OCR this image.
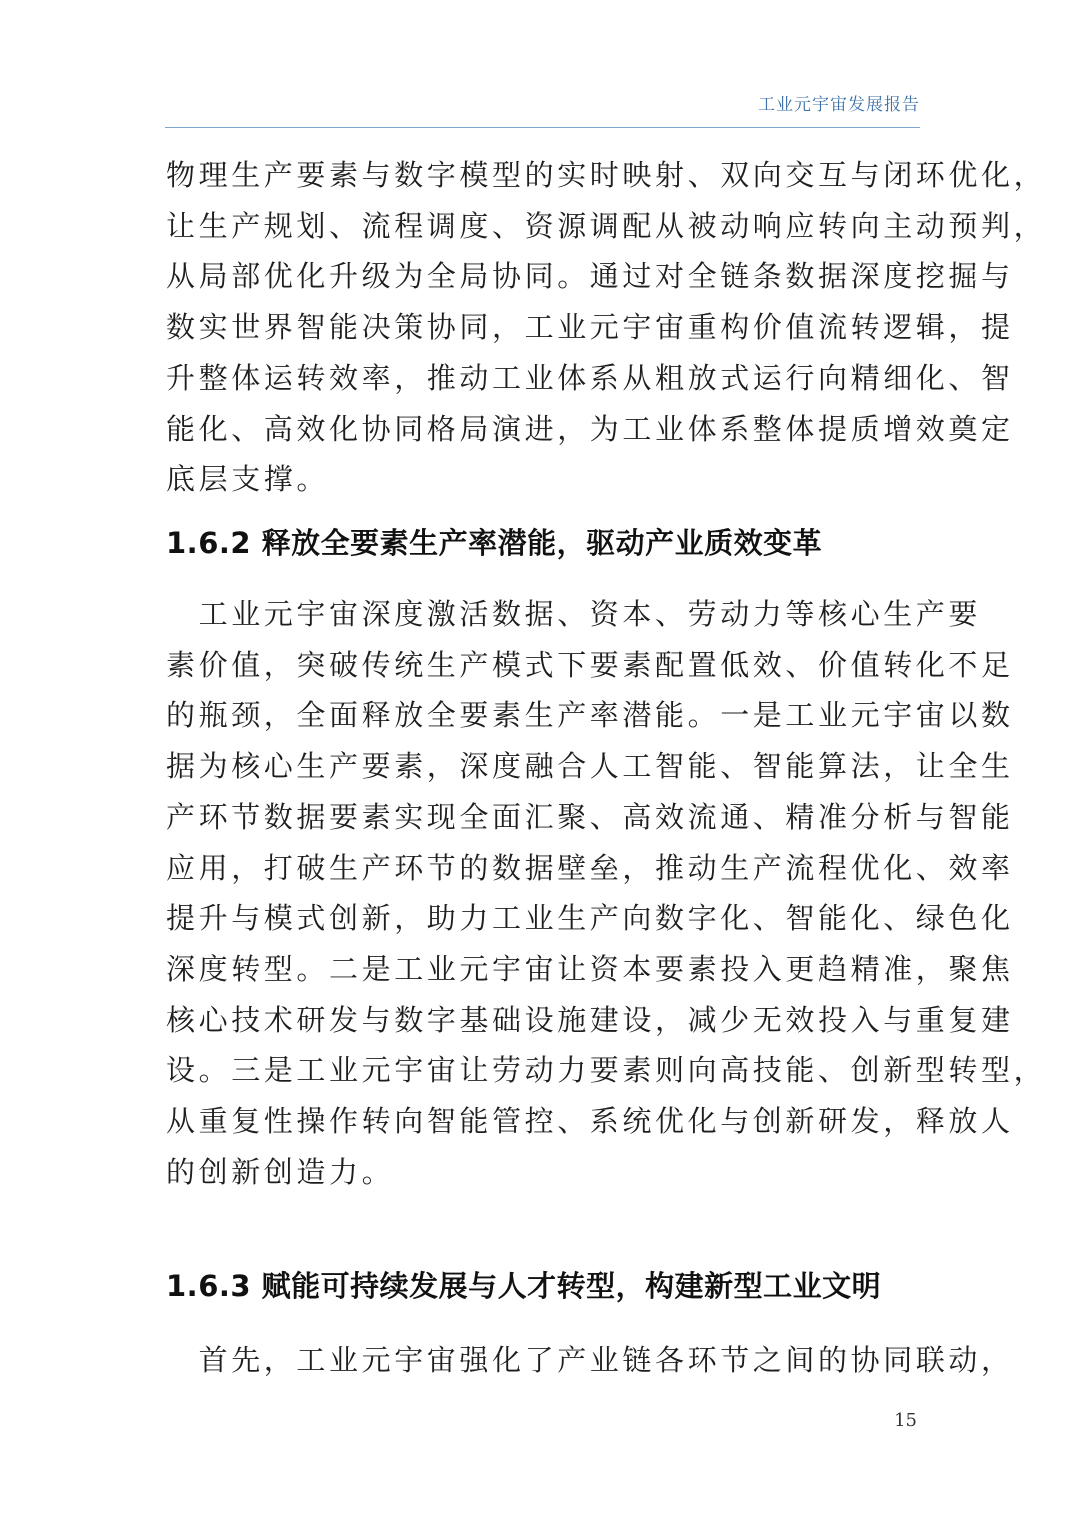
工业元宇宙发展报告
物理生产要素与数字模型的实时映射、双向交互与闭环优化，
让生产规划、流程调度、资源调配从被动响应转向主动预判，
从局部优化升级为全局协同。通过对全链条数据深度挖掘与
数实世界智能决策协同，工业元宇宙重构价值流转逻辑，提
升整体运转效率，推动工业体系从粗放式运行向精细化、智
能化、高效化协同格局演进，为工业体系整体提质增效奠定
底层支撑。
1.6.2 释放全要素生产率潜能，驱动产业质效变革
　工业元宇宙深度激活数据、资本、劳动力等核心生产要
素价值，突破传统生产模式下要素配置低效、价值转化不足
的瓶颈，全面释放全要素生产率潜能。一是工业元宇宙以数
据为核心生产要素，深度融合人工智能、智能算法，让全生
产环节数据要素实现全面汇聚、高效流通、精准分析与智能
应用，打破生产环节的数据壁垒，推动生产流程优化、效率
提升与模式创新，助力工业生产向数字化、智能化、绿色化
深度转型。二是工业元宇宙让资本要素投入更趋精准，聚焦
核心技术研发与数字基础设施建设，减少无效投入与重复建
设。三是工业元宇宙让劳动力要素则向高技能、创新型转型，
从重复性操作转向智能管控、系统优化与创新研发，释放人
的创新创造力。
1.6.3 赋能可持续发展与人才转型，构建新型工业文明
　首先，工业元宇宙强化了产业链各环节之间的协同联动，
15
